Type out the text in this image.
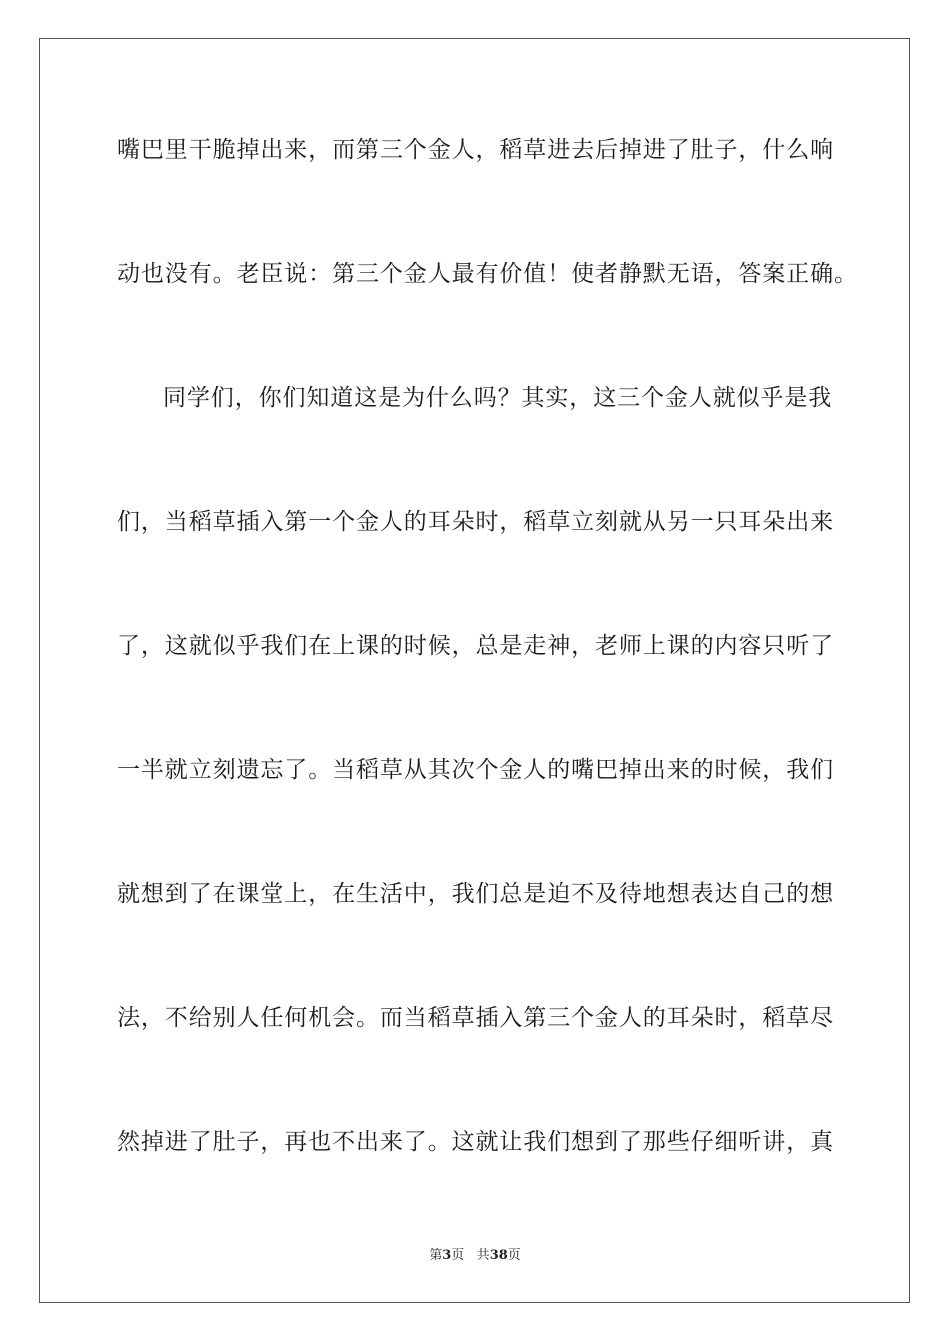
嘴巴里干脆掉出来，而第三个金人，稻草进去后掉进了肚子，什么响
动也没有。老臣说：第三个金人最有价值！使者静默无语，答案正确。
同学们，你们知道这是为什么吗？其实，这三个金人就似乎是我
们，当稻草插入第一个金人的耳朵时，稻草立刻就从另一只耳朵出来
了，这就似乎我们在上课的时候，总是走神，老师上课的内容只听了
一半就立刻遗忘了。当稻草从其次个金人的嘴巴掉出来的时候，我们
就想到了在课堂上，在生活中，我们总是迫不及待地想表达自己的想
法，不给别人任何机会。而当稻草插入第三个金人的耳朵时，稻草尽
然掉进了肚子，再也不出来了。这就让我们想到了那些仔细听讲，真
第3页 共38页
